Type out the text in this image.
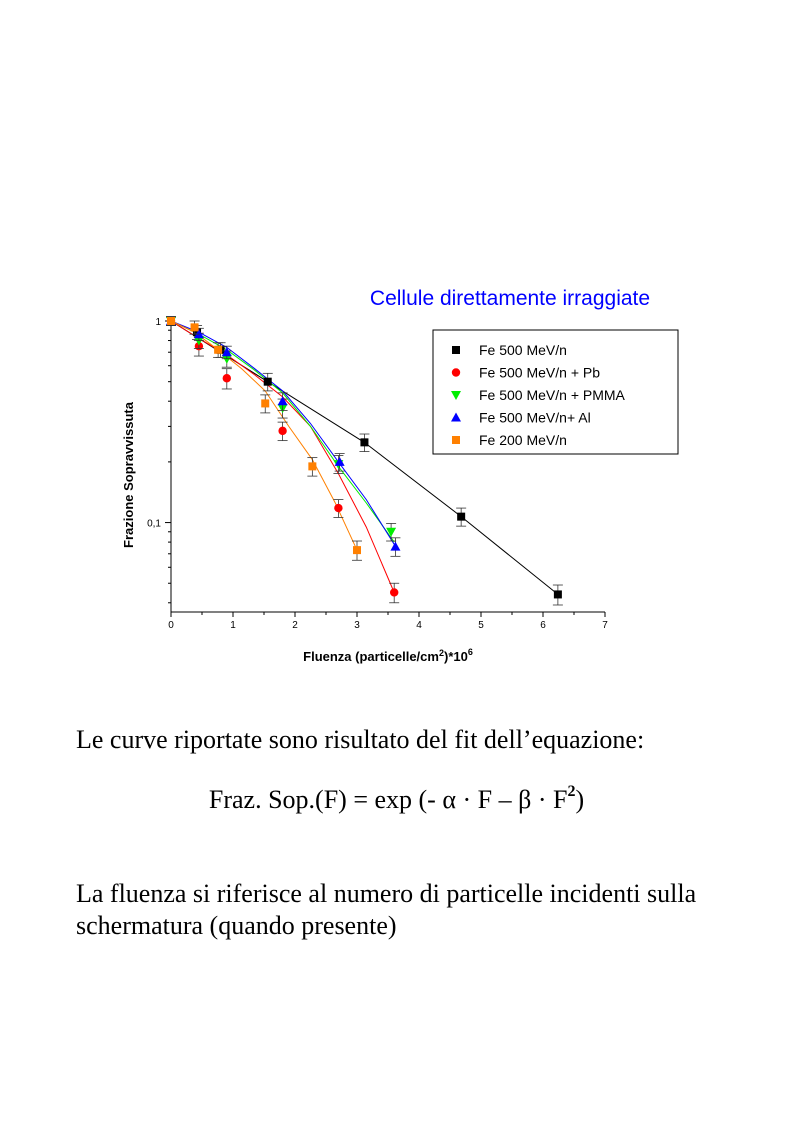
Cellule direttamente irraggiate
0	1	2	3	4	5	6	7
1
0,1
Frazione Sopravvissuta
Fluenza $(particelle/cm^2)*10^6$
Fe 500 MeV/n
Fe 500 MeV/n + Pb
Fe 500 MeV/n + PMMA
Fe 500 MeV/n+ Al
Fe 200 MeV/n
Le curve riportate sono risultato del fit dell’equazione:
Fraz. Sop.(F) = exp (- $\alpha \cdot F - \beta \cdot F^2$)
La fluenza si riferisce al numero di particelle incidenti sulla schermatura (quando presente)
